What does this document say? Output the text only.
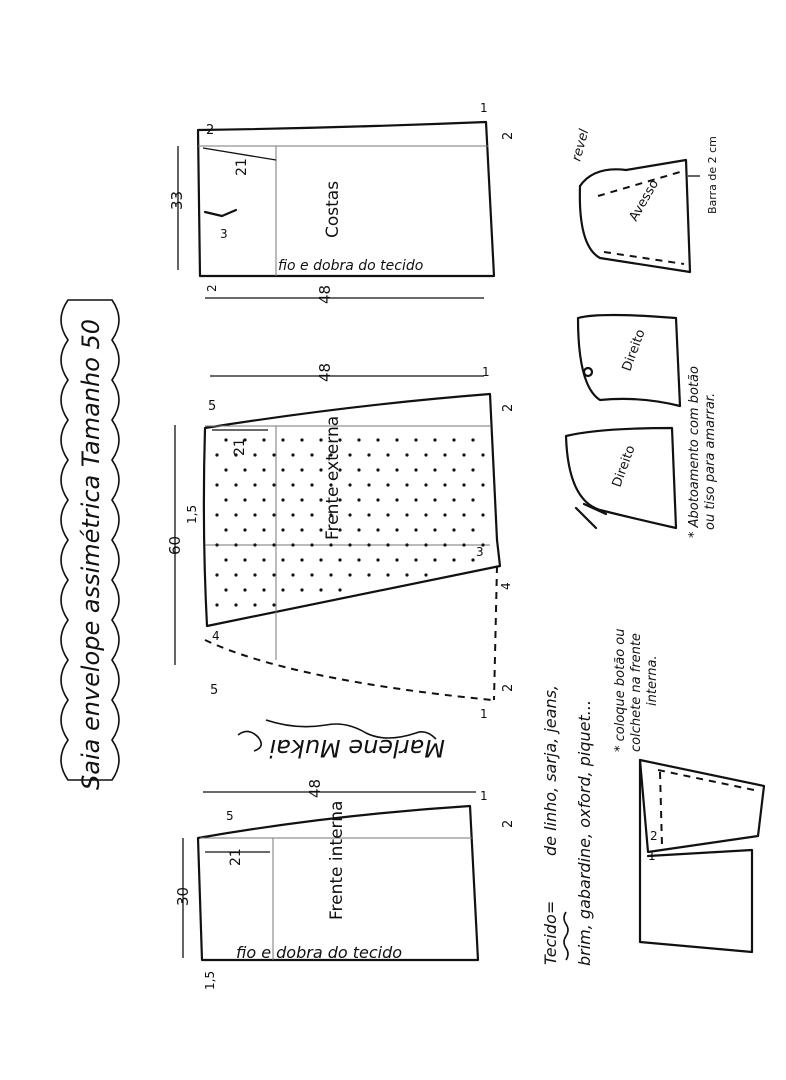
Saia envelope assimétrica Tamanho 50
Costas
fio e dobra do tecido
48
33
21
2
2
1
2
3
Frente externa
48
60
21
5
1
2
1,5
3
4
4
5
1
2
Marlene Mukai
Frente interna
fio e dobra do tecido
48
30
21
5
1
2
1,5
Tecido=
de linho, sarja, jeans, brim, gabardine, oxford, piquet...
Avesso
revel	Barra de 2 cm
Direito
Direito	* Abotoamento com botão ou tiso para amarrar.
* coloque botão ou colchete na frente interna.
1
2
